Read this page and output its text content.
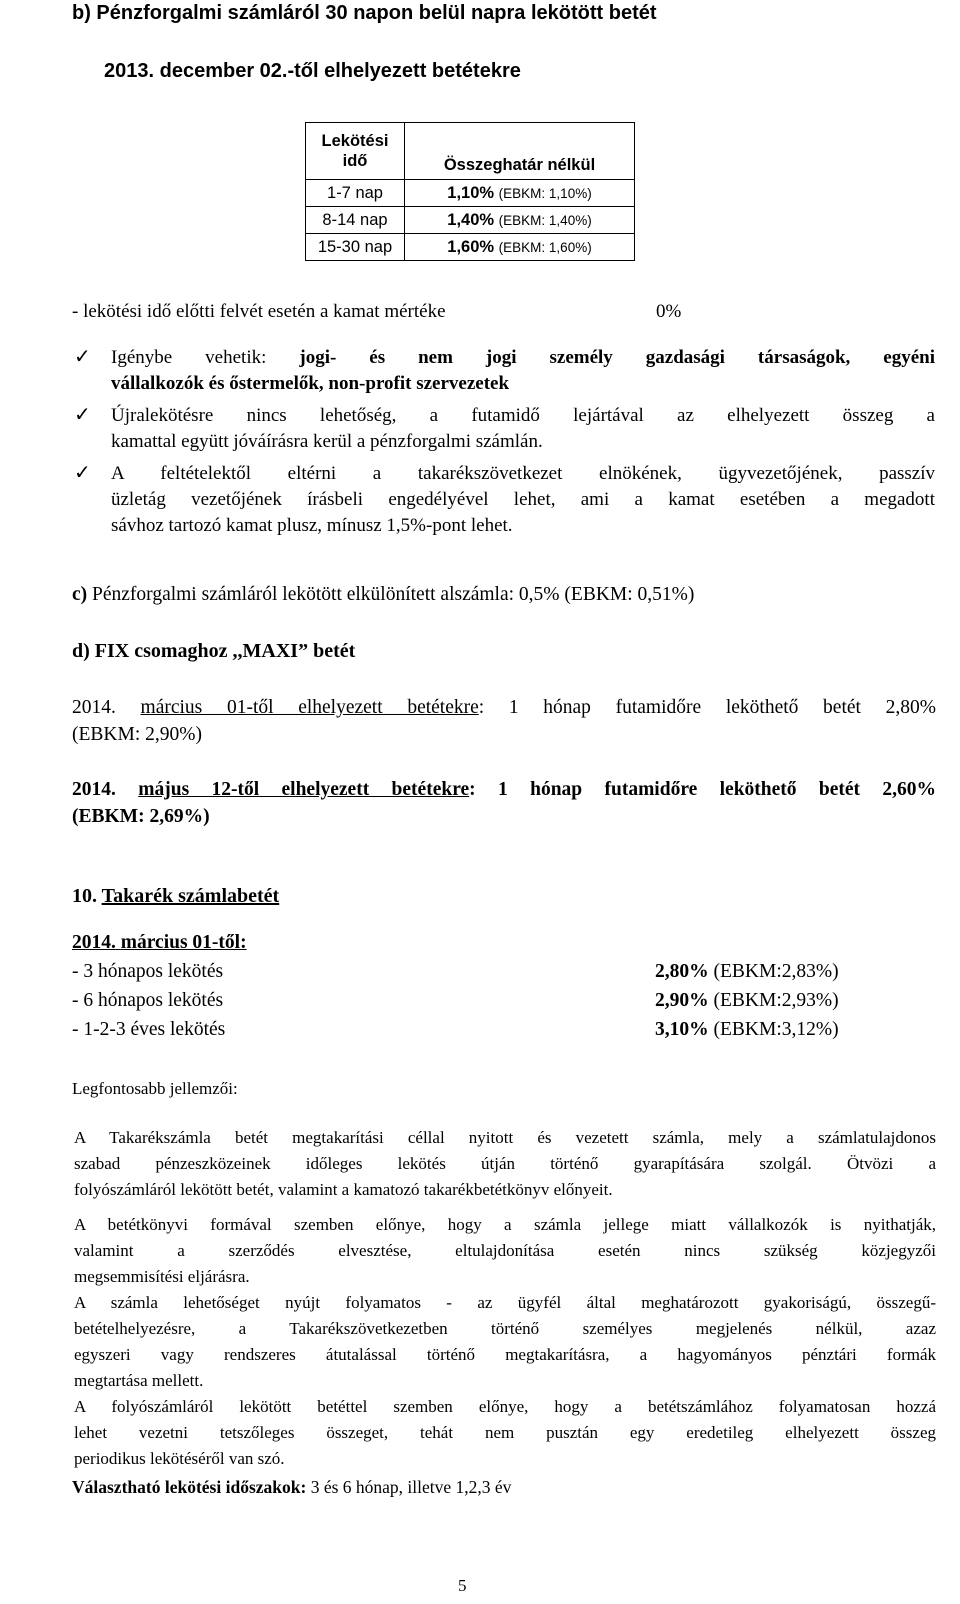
b) Pénzforgalmi számláról 30 napon belül napra lekötött betét
2013. december 02.-től elhelyezett betétekre
Lekötési
idő	Összeghatár nélkül
1-7 nap	1,10% (EBKM: 1,10%)
8-14 nap	1,40% (EBKM: 1,40%)
15-30 nap	1,60% (EBKM: 1,60%)
- lekötési idő előtti felvét esetén a kamat mértéke	0%
✓ Igénybe vehetik: jogi- és nem jogi személy gazdasági társaságok, egyéni
vállalkozók és őstermelők, non-profit szervezetek
✓ Újralekötésre nincs lehetőség, a futamidő lejártával az elhelyezett összeg a
kamattal együtt jóváírásra kerül a pénzforgalmi számlán.
✓ A feltételektől eltérni a takarékszövetkezet elnökének, ügyvezetőjének, passzív
üzletág vezetőjének írásbeli engedélyével lehet, ami a kamat esetében a megadott
sávhoz tartozó kamat plusz, mínusz 1,5%-pont lehet.
c) Pénzforgalmi számláról lekötött elkülönített alszámla: 0,5% (EBKM: 0,51%)
d) FIX csomaghoz ,,MAXI” betét
2014. március 01-től elhelyezett betétekre: 1 hónap futamidőre leköthető betét 2,80%
(EBKM: 2,90%)
2014. május 12-től elhelyezett betétekre: 1 hónap futamidőre leköthető betét 2,60%
(EBKM: 2,69%)
10. Takarék számlabetét
2014. március 01-től:
- 3 hónapos lekötés	2,80% (EBKM:2,83%)
- 6 hónapos lekötés	2,90% (EBKM:2,93%)
- 1-2-3 éves lekötés	3,10% (EBKM:3,12%)
Legfontosabb jellemzői:
A Takarékszámla betét megtakarítási céllal nyitott és vezetett számla, mely a számlatulajdonos
szabad pénzeszközeinek időleges lekötés útján történő gyarapítására szolgál. Ötvözi a
folyószámláról lekötött betét, valamint a kamatozó takarékbetétkönyv előnyeit.
A betétkönyvi formával szemben előnye, hogy a számla jellege miatt vállalkozók is nyithatják,
valamint a szerződés elvesztése, eltulajdonítása esetén nincs szükség közjegyzői
megsemmisítési eljárásra.
A számla lehetőséget nyújt folyamatos - az ügyfél által meghatározott gyakoriságú, összegű-
betételhelyezésre, a Takarékszövetkezetben történő személyes megjelenés nélkül, azaz
egyszeri vagy rendszeres átutalással történő megtakarításra, a hagyományos pénztári formák
megtartása mellett.
A folyószámláról lekötött betéttel szemben előnye, hogy a betétszámlához folyamatosan hozzá
lehet vezetni tetszőleges összeget, tehát nem pusztán egy eredetileg elhelyezett összeg
periodikus lekötéséről van szó.
Választható lekötési időszakok: 3 és 6 hónap, illetve 1,2,3 év
5
